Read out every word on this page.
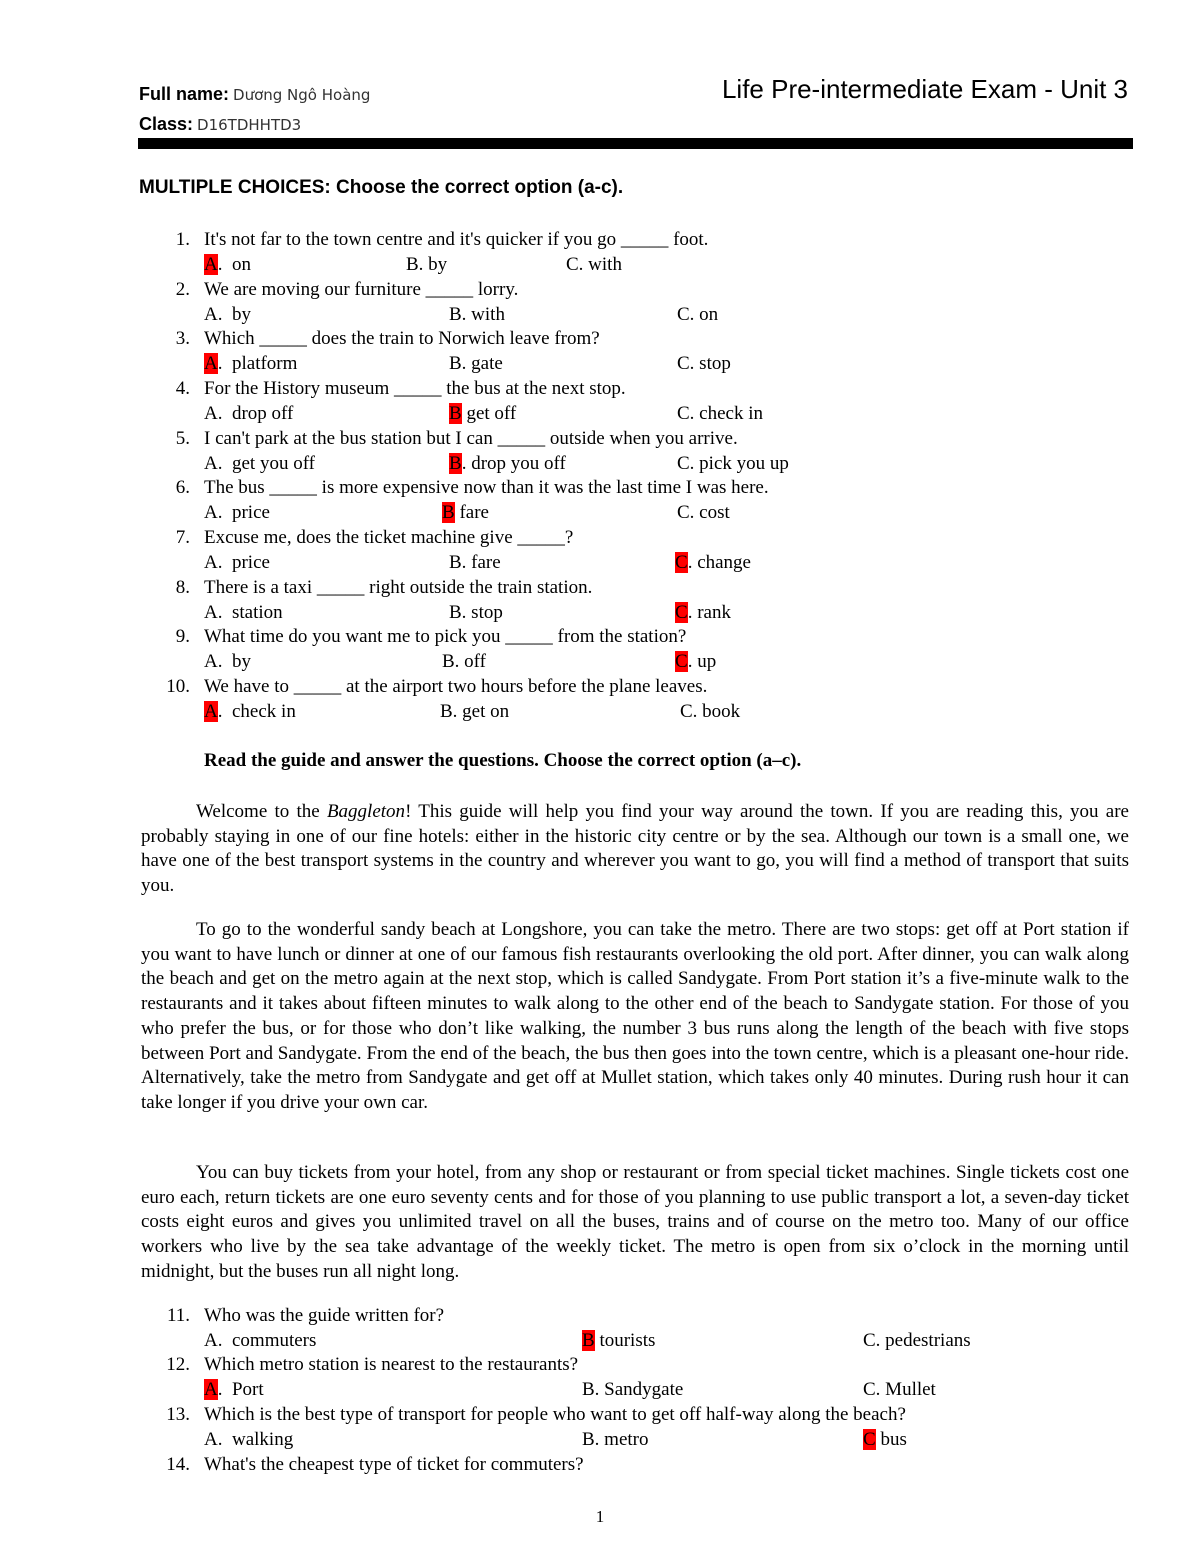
Full name: Dương Ngô Hoàng
Class: D16TDHHTD3
Life Pre-intermediate Exam - Unit 3
MULTIPLE CHOICES: Choose the correct option (a-c).
1. It's not far to the town centre and it's quicker if you go _____ foot.
A. on	B. by	C. with
2. We are moving our furniture _____ lorry.
A. by	B. with	C. on
3. Which _____ does the train to Norwich leave from?
A. platform	B. gate	C. stop
4. For the History museum _____ the bus at the next stop.
A. drop off	B get off	C. check in
5. I can't park at the bus station but I can _____ outside when you arrive.
A. get you off	B. drop you off	C. pick you up
6. The bus _____ is more expensive now than it was the last time I was here.
A. price	B fare	C. cost
7. Excuse me, does the ticket machine give _____?
A. price	B. fare	C. change
8. There is a taxi _____ right outside the train station.
A. station	B. stop	C. rank
9. What time do you want me to pick you _____ from the station?
A. by	B. off	C. up
10. We have to _____ at the airport two hours before the plane leaves.
A. check in	B. get on	C. book
Read the guide and answer the questions. Choose the correct option (a–c).

Welcome to the Baggleton! This guide will help you find your way around the town. If you are reading this, you are probably staying in one of our fine hotels: either in the historic city centre or by the sea. Although our town is a small one, we have one of the best transport systems in the country and wherever you want to go, you will find a method of transport that suits you.

To go to the wonderful sandy beach at Longshore, you can take the metro. There are two stops: get off at Port station if you want to have lunch or dinner at one of our famous fish restaurants overlooking the old port. After dinner, you can walk along the beach and get on the metro again at the next stop, which is called Sandygate. From Port station it’s a five-minute walk to the restaurants and it takes about fifteen minutes to walk along to the other end of the beach to Sandygate station. For those of you who prefer the bus, or for those who don’t like walking, the number 3 bus runs along the length of the beach with five stops between Port and Sandygate. From the end of the beach, the bus then goes into the town centre, which is a pleasant one-hour ride. Alternatively, take the metro from Sandygate and get off at Mullet station, which takes only 40 minutes. During rush hour it can take longer if you drive your own car.

You can buy tickets from your hotel, from any shop or restaurant or from special ticket machines. Single tickets cost one euro each, return tickets are one euro seventy cents and for those of you planning to use public transport a lot, a seven-day ticket costs eight euros and gives you unlimited travel on all the buses, trains and of course on the metro too. Many of our office workers who live by the sea take advantage of the weekly ticket. The metro is open from six o’clock in the morning until midnight, but the buses run all night long.

11. Who was the guide written for?
A. commuters	B tourists	C. pedestrians
12. Which metro station is nearest to the restaurants?
A. Port	B. Sandygate	C. Mullet
13. Which is the best type of transport for people who want to get off half-way along the beach?
A. walking	B. metro	C bus
14. What's the cheapest type of ticket for commuters?
1
